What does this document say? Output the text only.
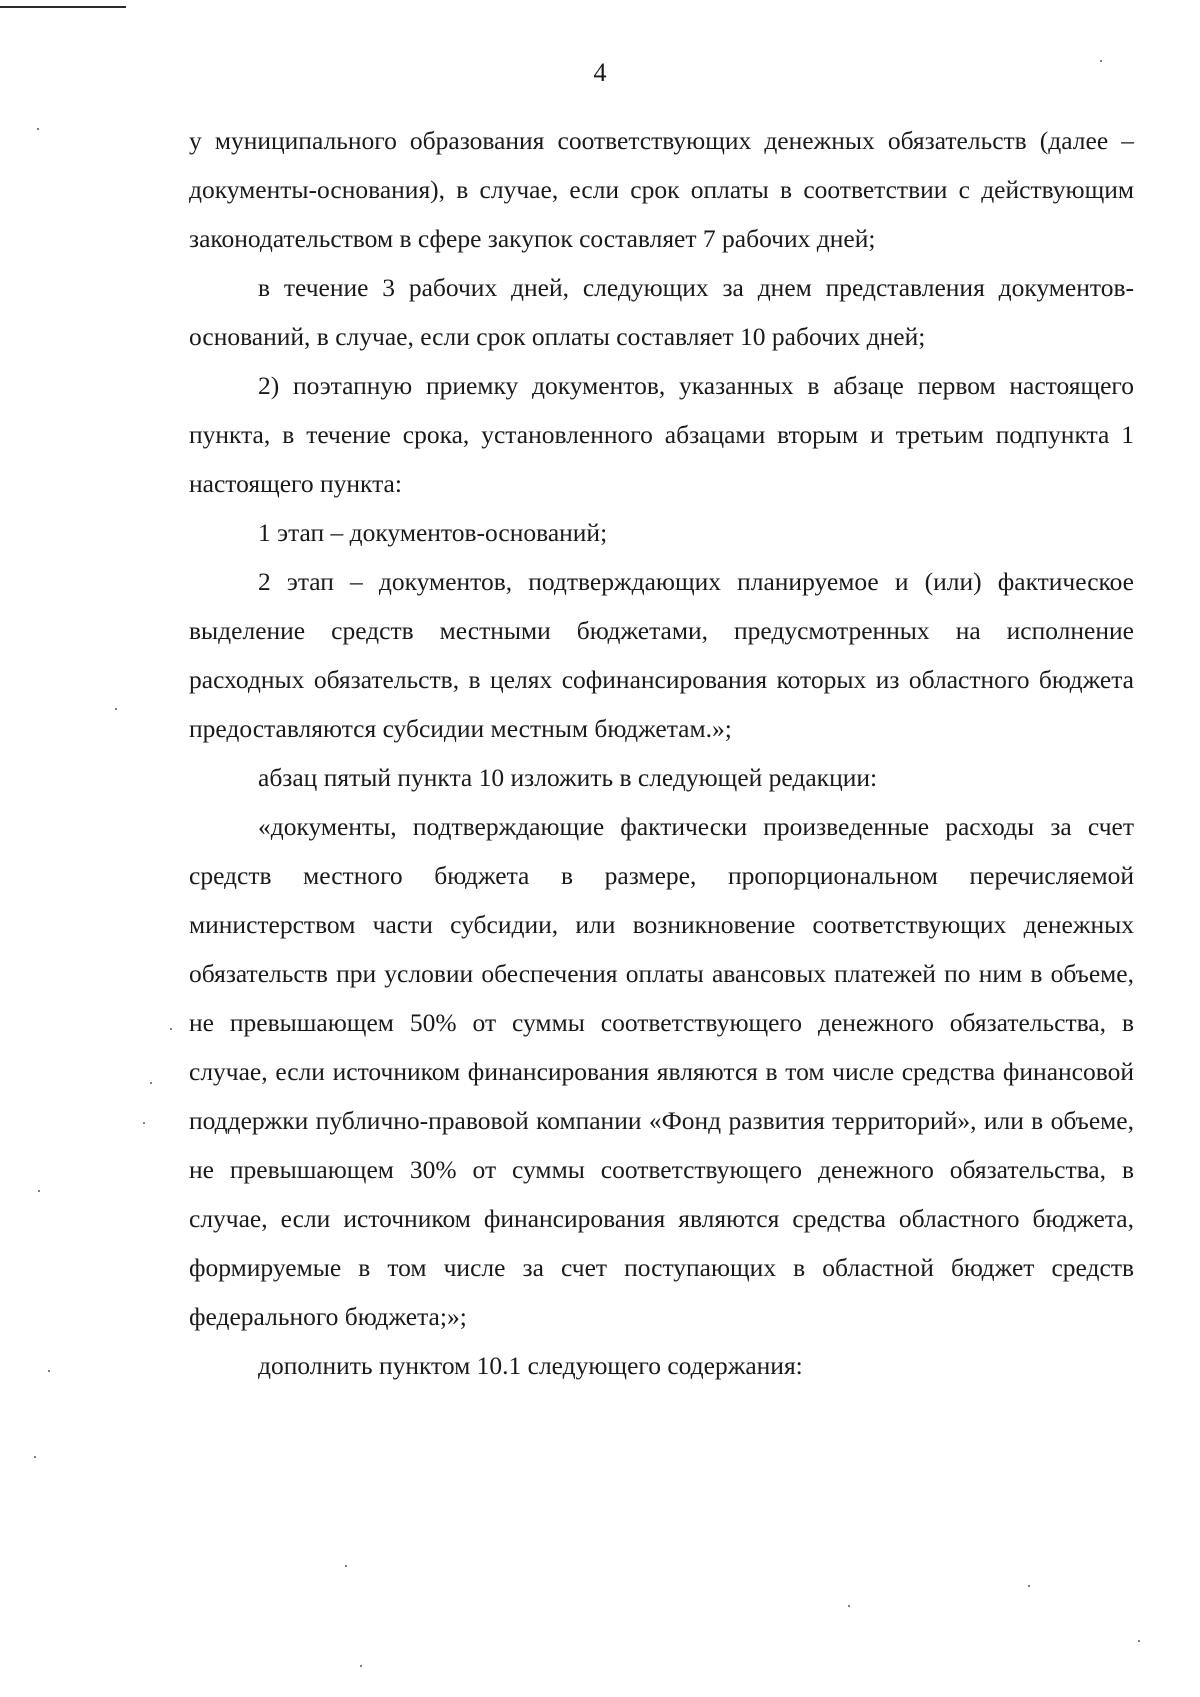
4

у муниципального образования соответствующих денежных обязательств (далее – документы-основания), в случае, если срок оплаты в соответствии с действующим законодательством в сфере закупок составляет 7 рабочих дней;

в течение 3 рабочих дней, следующих за днем представления документов-оснований, в случае, если срок оплаты составляет 10 рабочих дней;

2) поэтапную приемку документов, указанных в абзаце первом настоящего пункта, в течение срока, установленного абзацами вторым и третьим подпункта 1 настоящего пункта:

1 этап – документов-оснований;

2 этап – документов, подтверждающих планируемое и (или) фактическое выделение средств местными бюджетами, предусмотренных на исполнение расходных обязательств, в целях софинансирования которых из областного бюджета предоставляются субсидии местным бюджетам.»;

абзац пятый пункта 10 изложить в следующей редакции:

«документы, подтверждающие фактически произведенные расходы за счет средств местного бюджета в размере, пропорциональном перечисляемой министерством части субсидии, или возникновение соответствующих денежных обязательств при условии обеспечения оплаты авансовых платежей по ним в объеме, не превышающем 50% от суммы соответствующего денежного обязательства, в случае, если источником финансирования являются в том числе средства финансовой поддержки публично-правовой компании «Фонд развития территорий», или в объеме, не превышающем 30% от суммы соответствующего денежного обязательства, в случае, если источником финансирования являются средства областного бюджета, формируемые в том числе за счет поступающих в областной бюджет средств федерального бюджета;»;

дополнить пунктом 10.1 следующего содержания:
